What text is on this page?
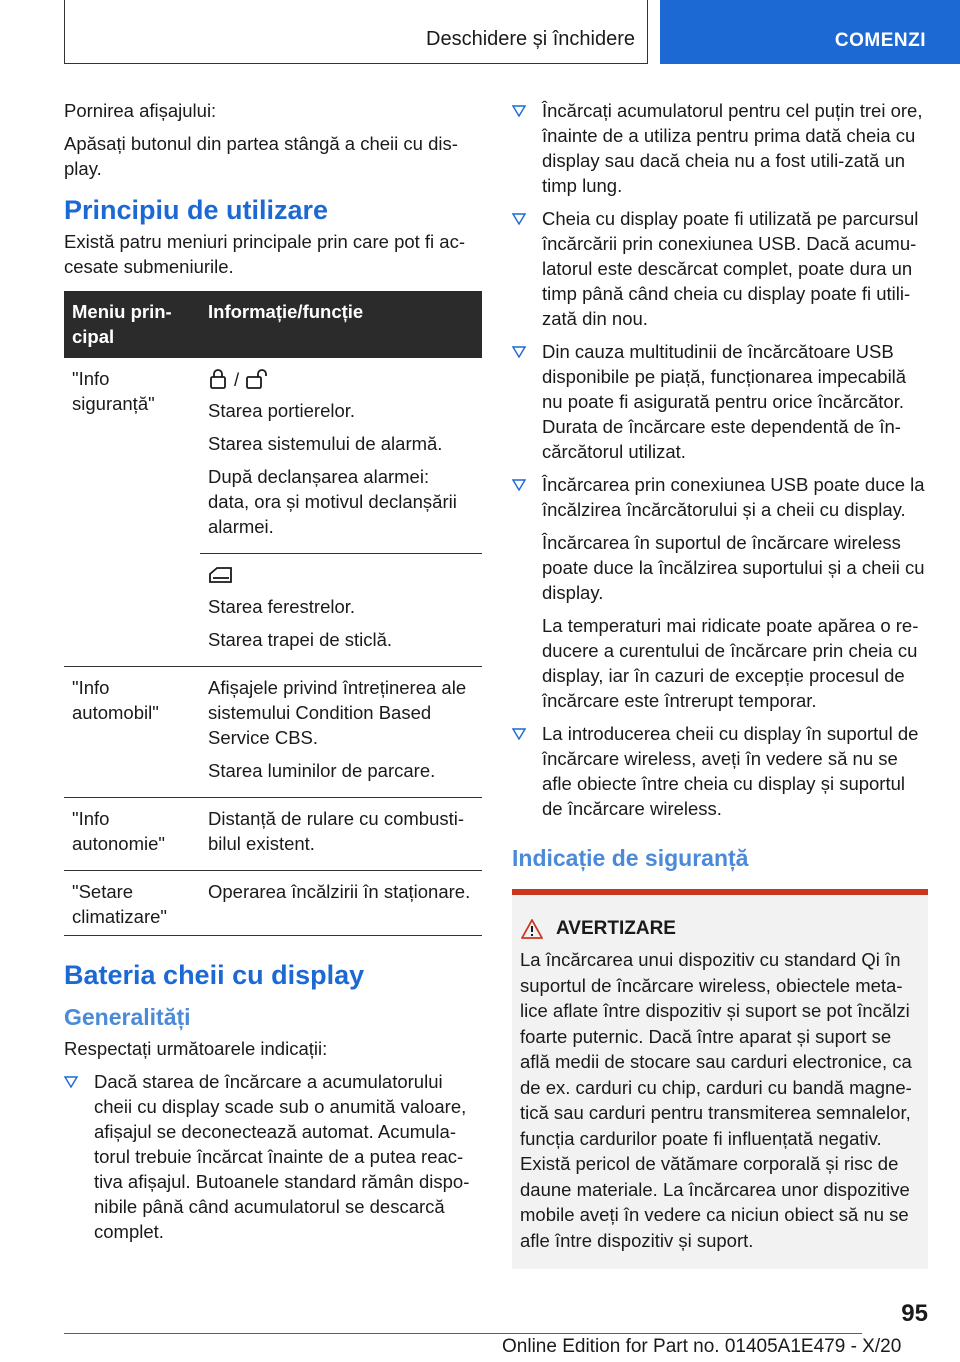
Deschidere și închidere	COMENZI

Pornirea afișajului:

Apăsați butonul din partea stângă a cheii cu dis-play.

Principiu de utilizare

Există patru meniuri principale prin care pot fi ac-cesate submeniurile.

Meniu prin-cipal	Informație/funcție
"Info siguranță"	/

Starea portierelor.

Starea sistemului de alarmă.

După declanșarea alarmei: data, ora și motivul declanșării alarmei.

	Starea ferestrelor.

Starea trapei de sticlă.

"Info automobil"	Afișajele privind întreținerea ale sistemului Condition Based Service CBS.

Starea luminilor de parcare.

"Info autonomie"	Distanță de rulare cu combusti-bilul existent.

"Setare climatizare"	Operarea încălzirii în staționare.

Bateria cheii cu display
Generalități

Respectați următoarele indicații:

Dacă starea de încărcare a acumulatorului cheii cu display scade sub o anumită valoare, afișajul se deconectează automat. Acumula-torul trebuie încărcat înainte de a putea reac-tiva afișajul. Butoanele standard rămân dispo-nibile până când acumulatorul se descarcă complet.

Încărcați acumulatorul pentru cel puțin trei ore, înainte de a utiliza pentru prima dată cheia cu display sau dacă cheia nu a fost utili-zată un timp lung.

Cheia cu display poate fi utilizată pe parcursul încărcării prin conexiunea USB. Dacă acumu-latorul este descărcat complet, poate dura un timp până când cheia cu display poate fi utili-zată din nou.

Din cauza multitudinii de încărcătoare USB disponibile pe piață, funcționarea impecabilă nu poate fi asigurată pentru orice încărcător. Durata de încărcare este dependentă de în-cărcătorul utilizat.

Încărcarea prin conexiunea USB poate duce la încălzirea încărcătorului și a cheii cu display.

Încărcarea în suportul de încărcare wireless poate duce la încălzirea suportului și a cheii cu display.

La temperaturi mai ridicate poate apărea o re-ducere a curentului de încărcare prin cheia cu display, iar în cazuri de excepție procesul de încărcare este întrerupt temporar.

La introducerea cheii cu display în suportul de încărcare wireless, aveți în vedere să nu se afle obiecte între cheia cu display și suportul de încărcare wireless.

Indicație de siguranță
AVERTIZARE

La încărcarea unui dispozitiv cu standard Qi în suportul de încărcare wireless, obiectele meta-lice aflate între dispozitiv și suport se pot încălzi foarte puternic. Dacă între aparat și suport se află medii de stocare sau carduri electronice, ca de ex. carduri cu chip, carduri cu bandă magne-tică sau carduri pentru transmiterea semnalelor, funcția cardurilor poate fi influențată negativ. Există pericol de vătămare corporală și risc de daune materiale. La încărcarea unor dispozitive mobile aveți în vedere ca niciun obiect să nu se afle între dispozitiv și suport.

95
Online Edition for Part no. 01405A1E479 - X/20
